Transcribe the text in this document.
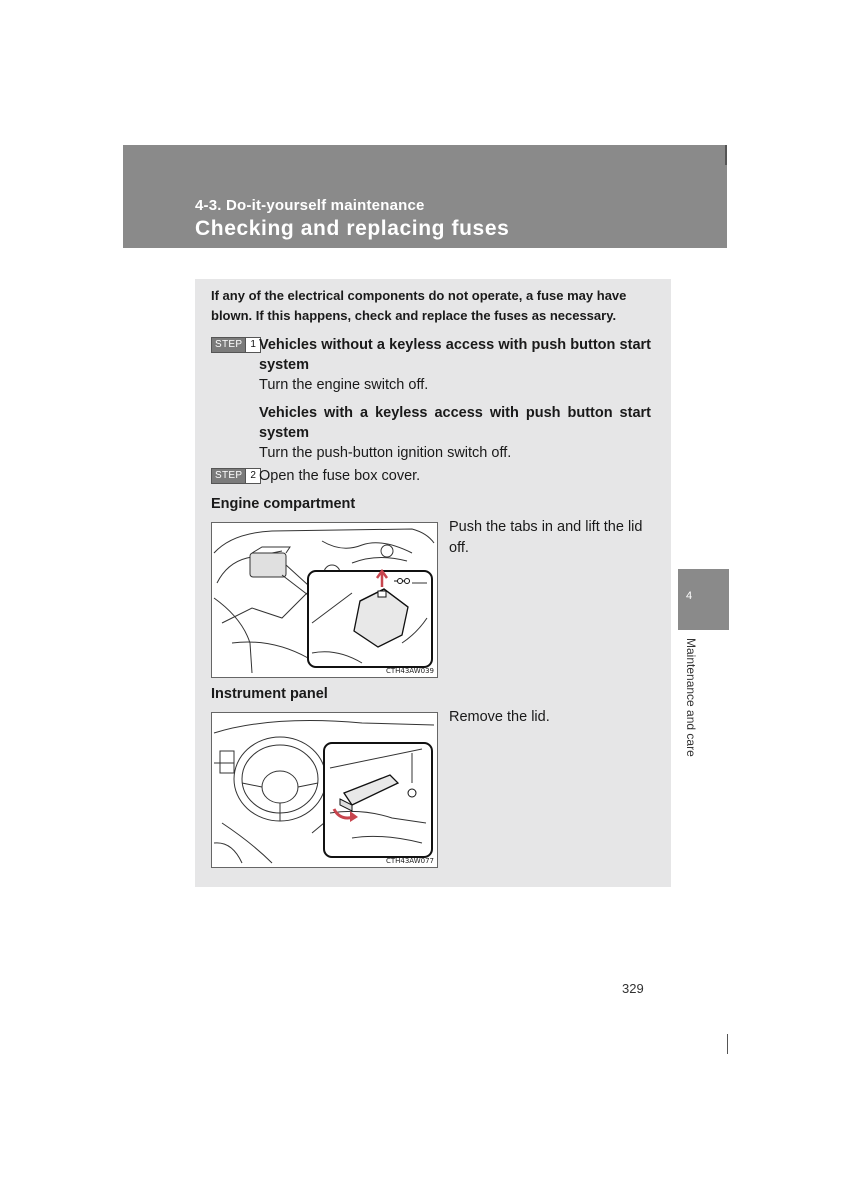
4-3. Do-it-yourself maintenance
Checking and replacing fuses
If any of the electrical components do not operate, a fuse may have blown. If this happens, check and replace the fuses as necessary.
STEP 1 Vehicles without a keyless access with push button start system
Turn the engine switch off.
Vehicles with a keyless access with push button start system
Turn the push-button ignition switch off.
STEP 2 Open the fuse box cover.
Engine compartment
CTH43AW039
Push the tabs in and lift the lid off.
Instrument panel
CTH43AW077
Remove the lid.
4
Maintenance and care
329
